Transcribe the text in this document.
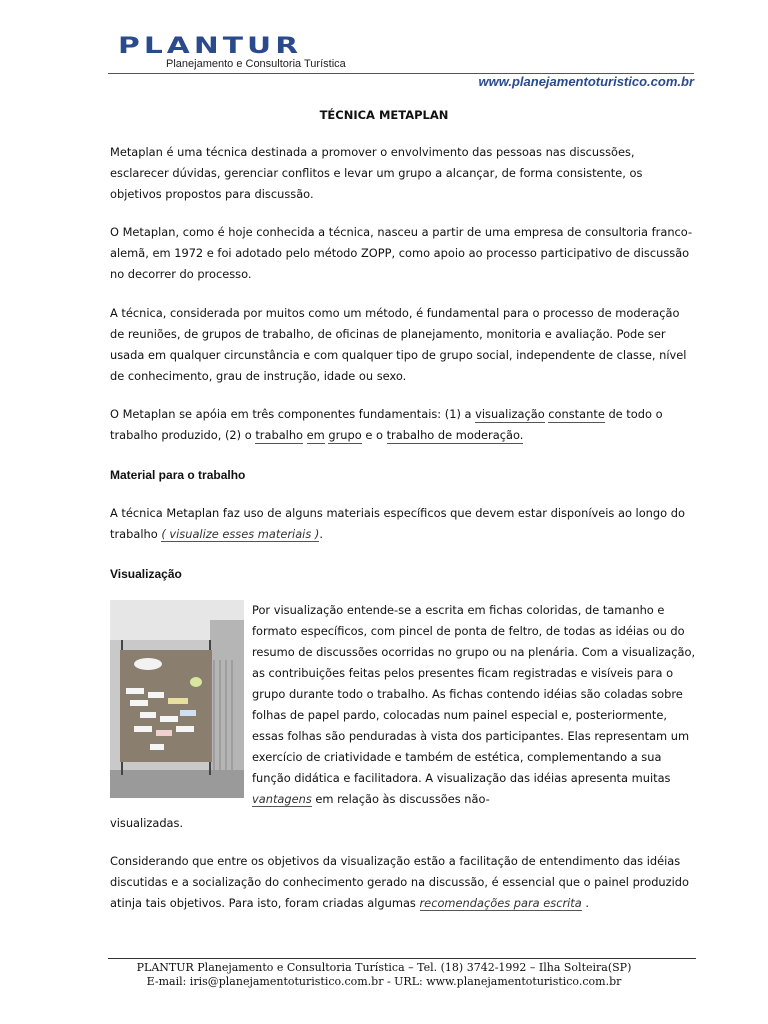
PLANTUR
Planejamento e Consultoria Turística
www.planejamentoturistico.com.br
TÉCNICA METAPLAN

Metaplan é uma técnica destinada a promover o envolvimento das pessoas nas discussões, esclarecer dúvidas, gerenciar conflitos e levar um grupo a alcançar, de forma consistente, os objetivos propostos para discussão.

O Metaplan, como é hoje conhecida a técnica, nasceu a partir de uma empresa de consultoria franco-alemã, em 1972 e foi adotado pelo método ZOPP, como apoio ao processo participativo de discussão no decorrer do processo.

A técnica, considerada por muitos como um método, é fundamental para o processo de moderação de reuniões, de grupos de trabalho, de oficinas de planejamento, monitoria e avaliação. Pode ser usada em qualquer circunstância e com qualquer tipo de grupo social, independente de classe, nível de conhecimento, grau de instrução, idade ou sexo.

O Metaplan se apóia em três componentes fundamentais: (1) a visualização constante de todo o trabalho produzido, (2) o trabalho em grupo e o trabalho de moderação.

Material para o trabalho

A técnica Metaplan faz uso de alguns materiais específicos que devem estar disponíveis ao longo do trabalho ( visualize esses materiais ).

Visualização

Por visualização entende-se a escrita em fichas coloridas, de tamanho e formato específicos, com pincel de ponta de feltro, de todas as idéias ou do resumo de discussões ocorridas no grupo ou na plenária. Com a visualização, as contribuições feitas pelos presentes ficam registradas e visíveis para o grupo durante todo o trabalho. As fichas contendo idéias são coladas sobre folhas de papel pardo, colocadas num painel especial e, posteriormente, essas folhas são penduradas à vista dos participantes. Elas representam um exercício de criatividade e também de estética, complementando a sua função didática e facilitadora. A visualização das idéias apresenta muitas vantagens em relação às discussões não-

visualizadas.

Considerando que entre os objetivos da visualização estão a facilitação de entendimento das idéias discutidas e a socialização do conhecimento gerado na discussão, é essencial que o painel produzido atinja tais objetivos. Para isto, foram criadas algumas recomendações para escrita .

PLANTUR Planejamento e Consultoria Turística – Tel. (18) 3742-1992 – Ilha Solteira(SP)
E-mail: iris@planejamentoturistico.com.br - URL: www.planejamentoturistico.com.br
